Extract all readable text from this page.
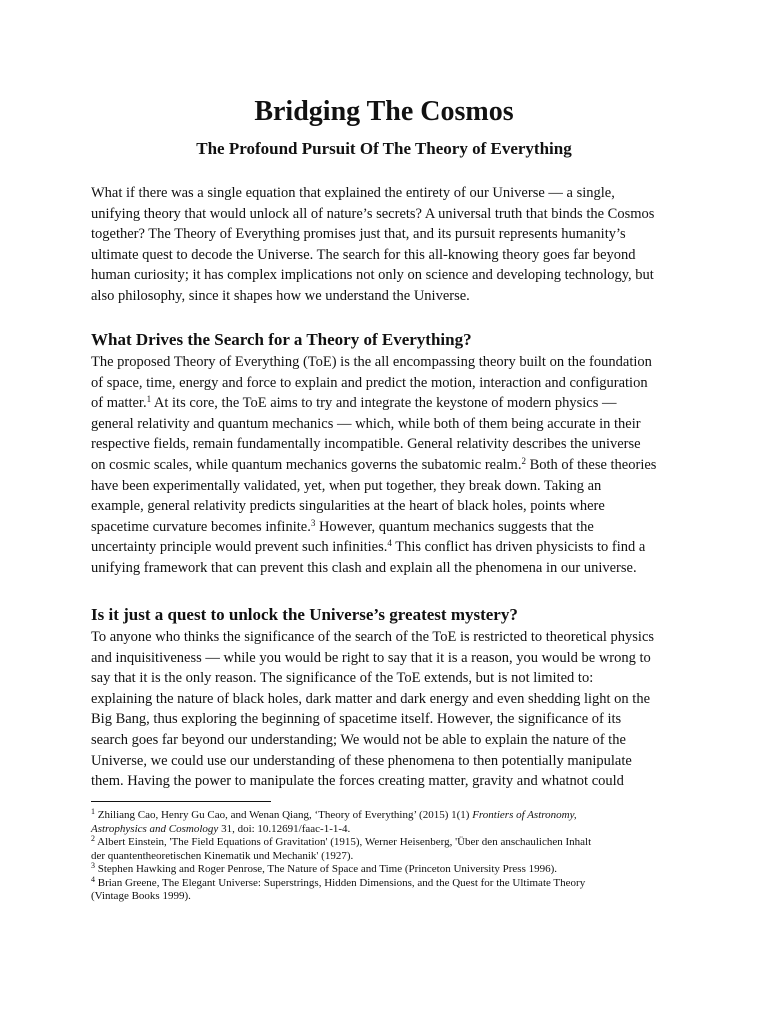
Bridging The Cosmos
The Profound Pursuit Of The Theory of Everything
What if there was a single equation that explained the entirety of our Universe — a single,
unifying theory that would unlock all of nature’s secrets? A universal truth that binds the Cosmos
together? The Theory of Everything promises just that, and its pursuit represents humanity’s
ultimate quest to decode the Universe. The search for this all-knowing theory goes far beyond
human curiosity; it has complex implications not only on science and developing technology, but
also philosophy, since it shapes how we understand the Universe.
What Drives the Search for a Theory of Everything?
The proposed Theory of Everything (ToE) is the all encompassing theory built on the foundation
of space, time, energy and force to explain and predict the motion, interaction and configuration
of matter.$^1$ At its core, the ToE aims to try and integrate the keystone of modern physics —
general relativity and quantum mechanics — which, while both of them being accurate in their
respective fields, remain fundamentally incompatible. General relativity describes the universe
on cosmic scales, while quantum mechanics governs the subatomic realm.$^2$ Both of these theories
have been experimentally validated, yet, when put together, they break down. Taking an
example, general relativity predicts singularities at the heart of black holes, points where
spacetime curvature becomes infinite.$^3$ However, quantum mechanics suggests that the
uncertainty principle would prevent such infinities.$^4$ This conflict has driven physicists to find a
unifying framework that can prevent this clash and explain all the phenomena in our universe.
Is it just a quest to unlock the Universe’s greatest mystery?
To anyone who thinks the significance of the search of the ToE is restricted to theoretical physics
and inquisitiveness — while you would be right to say that it is a reason, you would be wrong to
say that it is the only reason. The significance of the ToE extends, but is not limited to:
explaining the nature of black holes, dark matter and dark energy and even shedding light on the
Big Bang, thus exploring the beginning of spacetime itself. However, the significance of its
search goes far beyond our understanding; We would not be able to explain the nature of the
Universe, we could use our understanding of these phenomena to then potentially manipulate
them. Having the power to manipulate the forces creating matter, gravity and whatnot could
$^1$ Zhiliang Cao, Henry Gu Cao, and Wenan Qiang, ‘Theory of Everything’ (2015) 1(1) Frontiers of Astronomy,
Astrophysics and Cosmology 31, doi: 10.12691/faac-1-1-4.
$^2$ Albert Einstein, 'The Field Equations of Gravitation' (1915), Werner Heisenberg, 'Über den anschaulichen Inhalt
der quantentheoretischen Kinematik und Mechanik' (1927).
$^3$ Stephen Hawking and Roger Penrose, The Nature of Space and Time (Princeton University Press 1996).
$^4$ Brian Greene, The Elegant Universe: Superstrings, Hidden Dimensions, and the Quest for the Ultimate Theory
(Vintage Books 1999).
